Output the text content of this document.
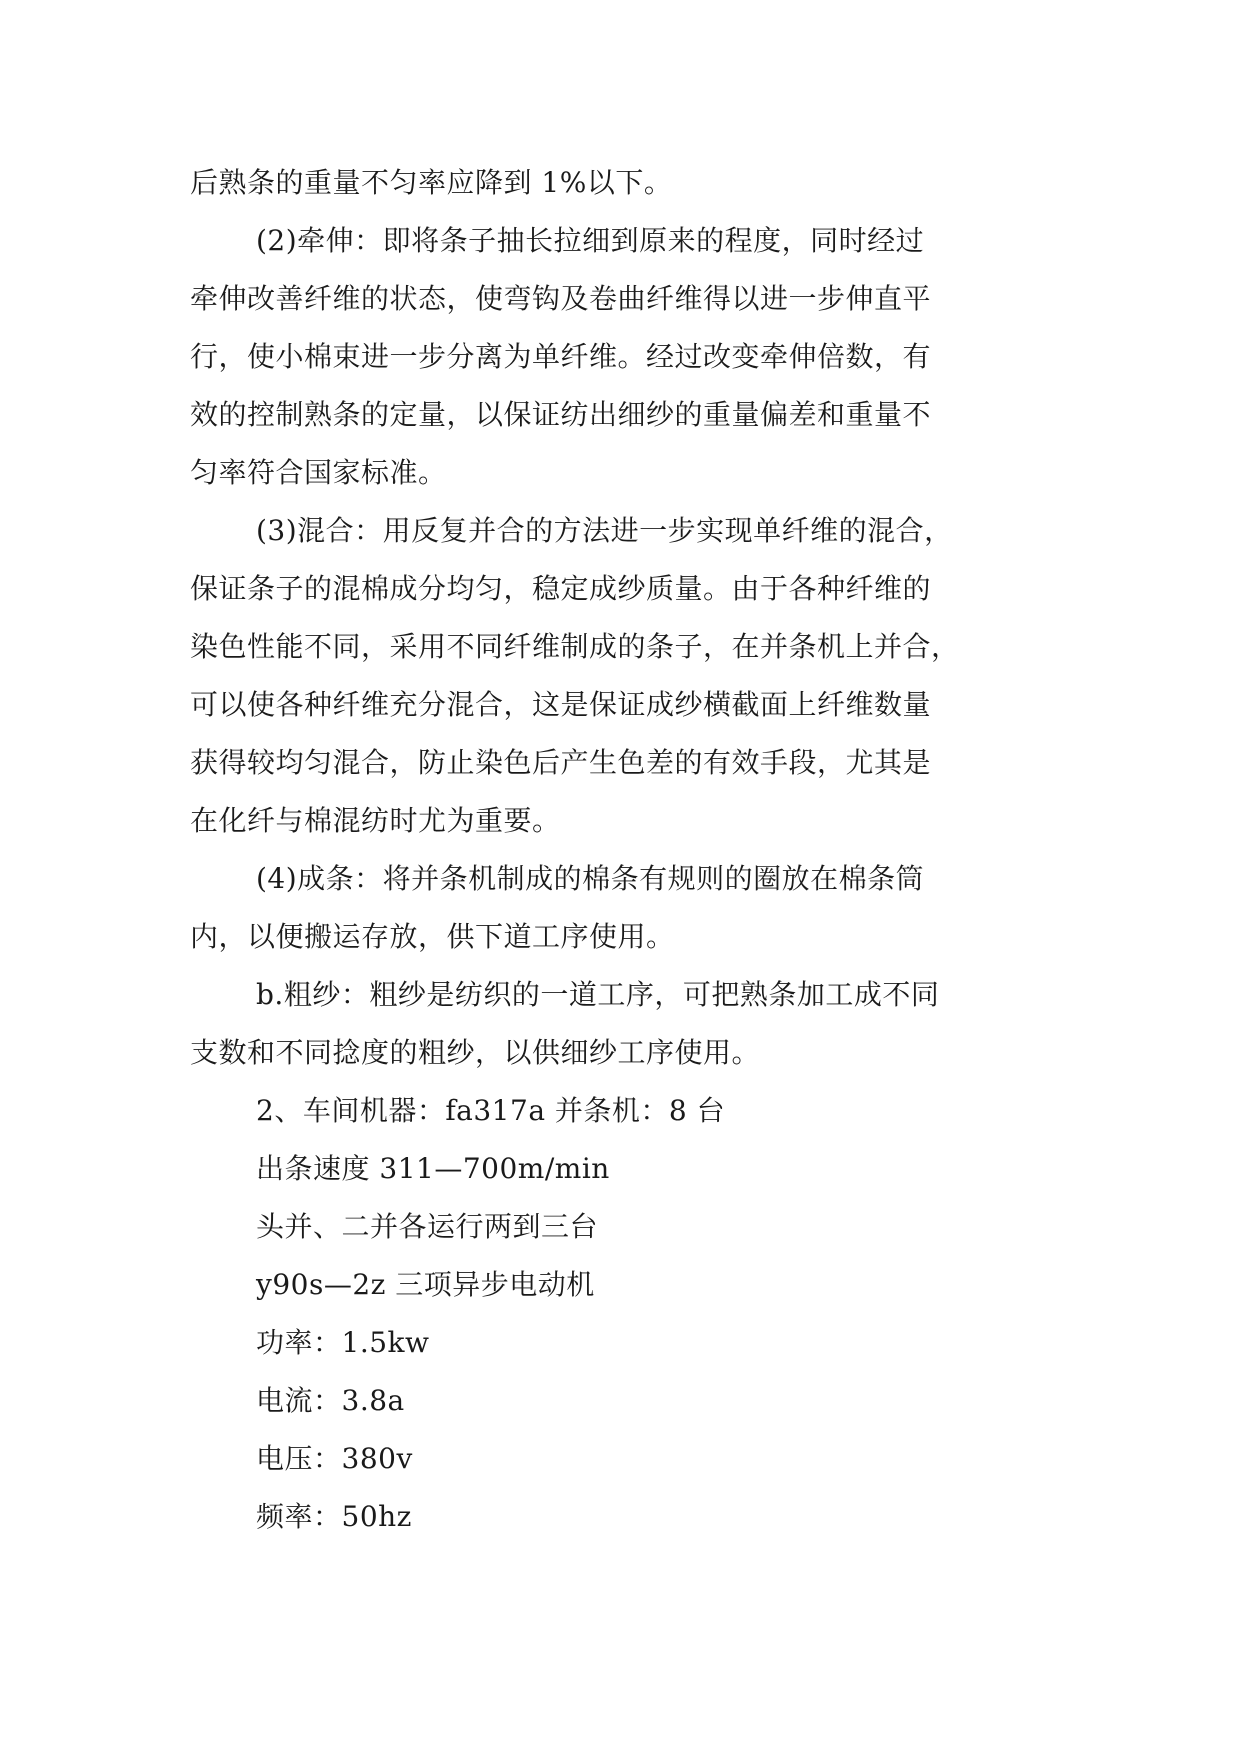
后熟条的重量不匀率应降到 1%以下。
(2)牵伸：即将条子抽长拉细到原来的程度，同时经过
牵伸改善纤维的状态，使弯钩及卷曲纤维得以进一步伸直平
行，使小棉束进一步分离为单纤维。经过改变牵伸倍数，有
效的控制熟条的定量，以保证纺出细纱的重量偏差和重量不
匀率符合国家标准。
(3)混合：用反复并合的方法进一步实现单纤维的混合，
保证条子的混棉成分均匀，稳定成纱质量。由于各种纤维的
染色性能不同，采用不同纤维制成的条子，在并条机上并合，
可以使各种纤维充分混合，这是保证成纱横截面上纤维数量
获得较均匀混合，防止染色后产生色差的有效手段，尤其是
在化纤与棉混纺时尤为重要。
(4)成条：将并条机制成的棉条有规则的圈放在棉条筒
内，以便搬运存放，供下道工序使用。
b.粗纱：粗纱是纺织的一道工序，可把熟条加工成不同
支数和不同捻度的粗纱，以供细纱工序使用。
2、车间机器：fa317a 并条机：8 台
出条速度 311—700m/min
头并、二并各运行两到三台
y90s—2z 三项异步电动机
功率：1.5kw
电流：3.8a
电压：380v
频率：50hz
